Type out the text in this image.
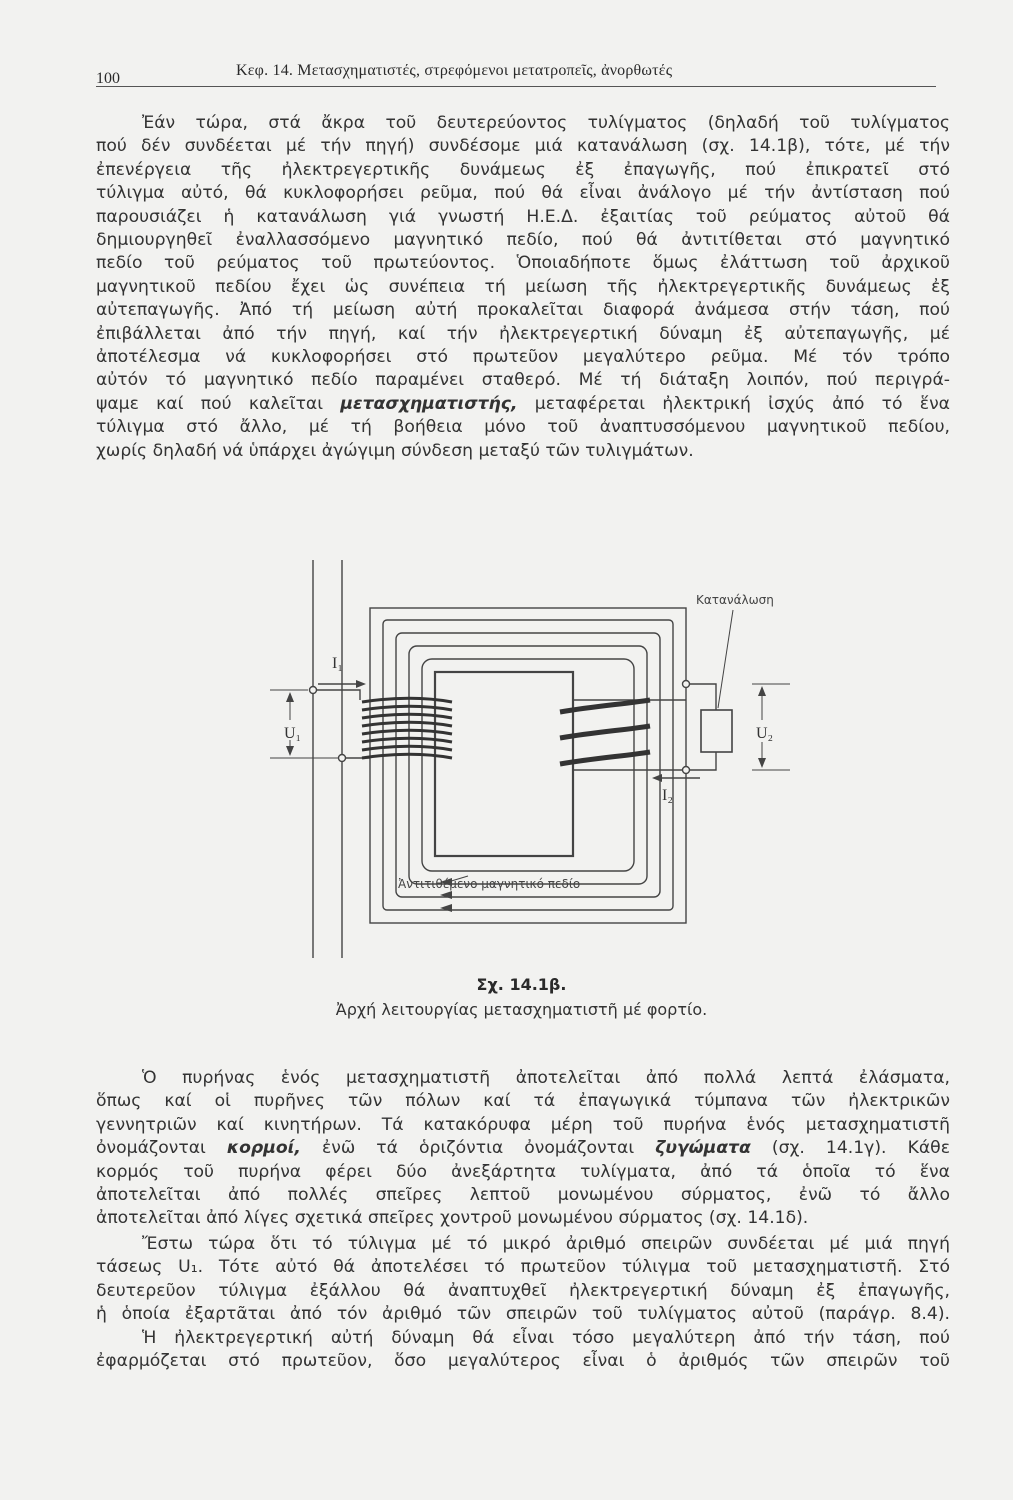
100	Κεφ. 14. Μετασχηματιστές, στρεφόμενοι μετατροπεῖς, ἀνορθωτές
Ἐάν τώρα, στά ἄκρα τοῦ δευτερεύοντος τυλίγματος (δηλαδή τοῦ τυλίγματος
πού δέν συνδέεται μέ τήν πηγή) συνδέσομε μιά κατανάλωση (σχ. 14.1β), τότε, μέ τήν
ἐπενέργεια τῆς ἠλεκτρεγερτικῆς δυνάμεως ἐξ ἐπαγωγῆς, πού ἐπικρατεῖ στό
τύλιγμα αὐτό, θά κυκλοφορήσει ρεῦμα, πού θά εἶναι ἀνάλογο μέ τήν ἀντίσταση πού
παρουσιάζει ἡ κατανάλωση γιά γνωστή Η.Ε.Δ. ἐξαιτίας τοῦ ρεύματος αὐτοῦ θά
δημιουργηθεῖ ἐναλλασσόμενο μαγνητικό πεδίο, πού θά ἀντιτίθεται στό μαγνητικό
πεδίο τοῦ ρεύματος τοῦ πρωτεύοντος. Ὁποιαδήποτε ὅμως ἐλάττωση τοῦ ἀρχικοῦ
μαγνητικοῦ πεδίου ἔχει ὡς συνέπεια τή μείωση τῆς ἠλεκτρεγερτικῆς δυνάμεως ἐξ
αὐτεπαγωγῆς. Ἀπό τή μείωση αὐτή προκαλεῖται διαφορά ἀνάμεσα στήν τάση, πού
ἐπιβάλλεται ἀπό τήν πηγή, καί τήν ἠλεκτρεγερτική δύναμη ἐξ αὐτεπαγωγῆς, μέ
ἀποτέλεσμα νά κυκλοφορήσει στό πρωτεῦον μεγαλύτερο ρεῦμα. Μέ τόν τρόπο
αὐτόν τό μαγνητικό πεδίο παραμένει σταθερό. Μέ τή διάταξη λοιπόν, πού περιγρά-
ψαμε καί πού καλεῖται μετασχηματιστής, μεταφέρεται ἠλεκτρική ἰσχύς ἀπό τό ἕνα
τύλιγμα στό ἄλλο, μέ τή βοήθεια μόνο τοῦ ἀναπτυσσόμενου μαγνητικοῦ πεδίου,
χωρίς δηλαδή νά ὑπάρχει ἀγώγιμη σύνδεση μεταξύ τῶν τυλιγμάτων.
Κατανάλωση
Ἀντιτιθέμενο μαγνητικό πεδίο
I₁
I₂
U₁	U₂
Σχ. 14.1β.
Ἀρχή λειτουργίας μετασχηματιστῆ μέ φορτίο.
Ὁ πυρήνας ἑνός μετασχηματιστῆ ἀποτελεῖται ἀπό πολλά λεπτά ἐλάσματα,
ὅπως καί οἱ πυρῆνες τῶν πόλων καί τά ἐπαγωγικά τύμπανα τῶν ἠλεκτρικῶν
γεννητριῶν καί κινητήρων. Τά κατακόρυφα μέρη τοῦ πυρήνα ἑνός μετασχηματιστῆ
ὀνομάζονται κορμοί, ἐνῶ τά ὁριζόντια ὀνομάζονται ζυγώματα (σχ. 14.1γ). Κάθε
κορμός τοῦ πυρήνα φέρει δύο ἀνεξάρτητα τυλίγματα, ἀπό τά ὁποῖα τό ἕνα
ἀποτελεῖται ἀπό πολλές σπεῖρες λεπτοῦ μονωμένου σύρματος, ἐνῶ τό ἄλλο
ἀποτελεῖται ἀπό λίγες σχετικά σπεῖρες χοντροῦ μονωμένου σύρματος (σχ. 14.1δ).
Ἔστω τώρα ὅτι τό τύλιγμα μέ τό μικρό ἀριθμό σπειρῶν συνδέεται μέ μιά πηγή
τάσεως U₁. Τότε αὐτό θά ἀποτελέσει τό πρωτεῦον τύλιγμα τοῦ μετασχηματιστῆ. Στό
δευτερεῦον τύλιγμα ἐξάλλου θά ἀναπτυχθεῖ ἠλεκτρεγερτική δύναμη ἐξ ἐπαγωγῆς,
ἡ ὁποία ἐξαρτᾶται ἀπό τόν ἀριθμό τῶν σπειρῶν τοῦ τυλίγματος αὐτοῦ (παράγρ. 8.4).
Ἡ ἠλεκτρεγερτική αὐτή δύναμη θά εἶναι τόσο μεγαλύτερη ἀπό τήν τάση, πού
ἐφαρμόζεται στό πρωτεῦον, ὅσο μεγαλύτερος εἶναι ὁ ἀριθμός τῶν σπειρῶν τοῦ
